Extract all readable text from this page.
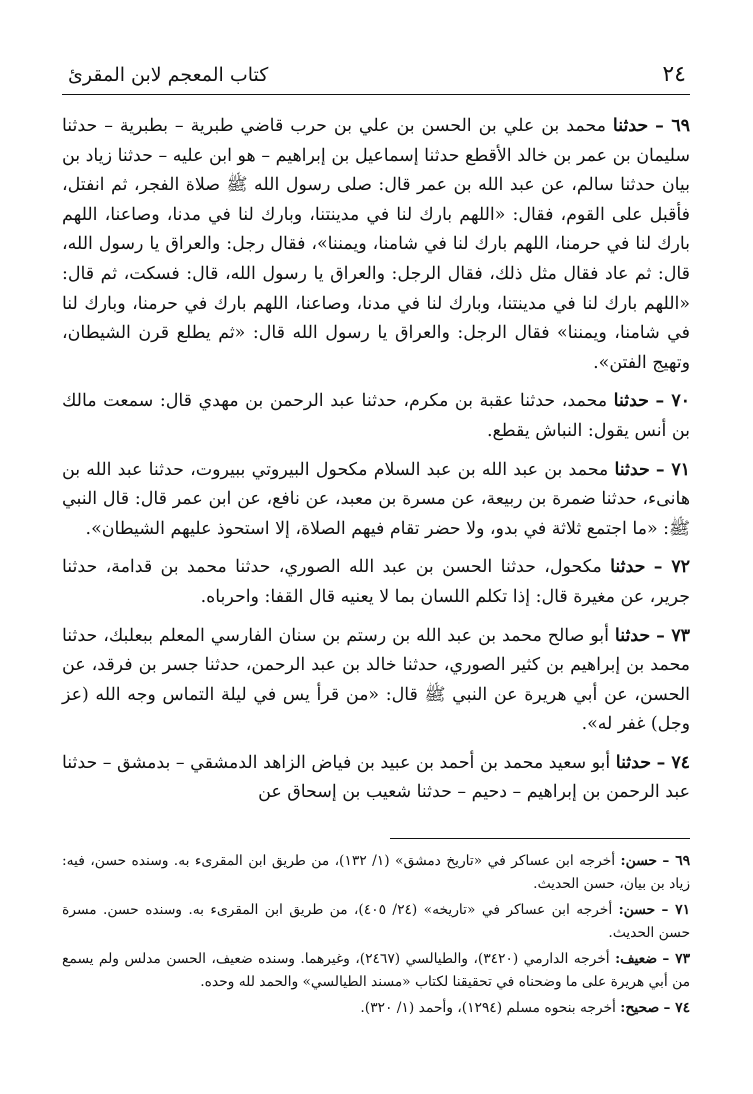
٢٤
كتاب المعجم لابن المقرئ

٦٩ – حدثنا محمد بن علي بن الحسن بن علي بن حرب قاضي طبرية – بطبرية – حدثنا سليمان بن عمر بن خالد الأقطع حدثنا إسماعيل بن إبراهيم – هو ابن عليه – حدثنا زياد بن بيان حدثنا سالم، عن عبد الله بن عمر قال: صلى رسول الله ﷺ صلاة الفجر، ثم انفتل، فأقبل على القوم، فقال: «اللهم بارك لنا في مدينتنا، وبارك لنا في مدنا، وصاعنا، اللهم بارك لنا في حرمنا، اللهم بارك لنا في شامنا، ويمننا»، فقال رجل: والعراق يا رسول الله، قال: ثم عاد فقال مثل ذلك، فقال الرجل: والعراق يا رسول الله، قال: فسكت، ثم قال: «اللهم بارك لنا في مدينتنا، وبارك لنا في مدنا، وصاعنا، اللهم بارك في حرمنا، وبارك لنا في شامنا، ويمننا» فقال الرجل: والعراق يا رسول الله قال: «ثم يطلع قرن الشيطان، وتهيج الفتن».

٧٠ – حدثنا محمد، حدثنا عقبة بن مكرم، حدثنا عبد الرحمن بن مهدي قال: سمعت مالك بن أنس يقول: النباش يقطع.

٧١ – حدثنا محمد بن عبد الله بن عبد السلام مكحول البيروتي ببيروت، حدثنا عبد الله بن هانىء، حدثنا ضمرة بن ربيعة، عن مسرة بن معبد، عن نافع، عن ابن عمر قال: قال النبي ﷺ: «ما اجتمع ثلاثة في بدو، ولا حضر تقام فيهم الصلاة، إلا استحوذ عليهم الشيطان».

٧٢ – حدثنا مكحول، حدثنا الحسن بن عبد الله الصوري، حدثنا محمد بن قدامة، حدثنا جرير، عن مغيرة قال: إذا تكلم اللسان بما لا يعنيه قال القفا: واحرباه.

٧٣ – حدثنا أبو صالح محمد بن عبد الله بن رستم بن سنان الفارسي المعلم ببعلبك، حدثنا محمد بن إبراهيم بن كثير الصوري، حدثنا خالد بن عبد الرحمن، حدثنا جسر بن فرقد، عن الحسن، عن أبي هريرة عن النبي ﷺ قال: «من قرأ يس في ليلة التماس وجه الله (عز وجل) غفر له».

٧٤ – حدثنا أبو سعيد محمد بن أحمد بن عبيد بن فياض الزاهد الدمشقي – بدمشق – حدثنا عبد الرحمن بن إبراهيم – دحيم – حدثنا شعيب بن إسحاق عن

٦٩ – حسن: أخرجه ابن عساكر في «تاريخ دمشق» (١/ ١٣٢)، من طريق ابن المقرىء به. وسنده حسن، فيه: زياد بن بيان، حسن الحديث.

٧١ – حسن: أخرجه ابن عساكر في «تاريخه» (٢٤/ ٤٠٥)، من طريق ابن المقرىء به. وسنده حسن. مسرة حسن الحديث.

٧٣ – ضعيف: أخرجه الدارمي (٣٤٢٠)، والطيالسي (٢٤٦٧)، وغيرهما. وسنده ضعيف، الحسن مدلس ولم يسمع من أبي هريرة على ما وضحناه في تحقيقنا لكتاب «مسند الطيالسي» والحمد لله وحده.

٧٤ – صحيح: أخرجه بنحوه مسلم (١٢٩٤)، وأحمد (١/ ٣٢٠).
